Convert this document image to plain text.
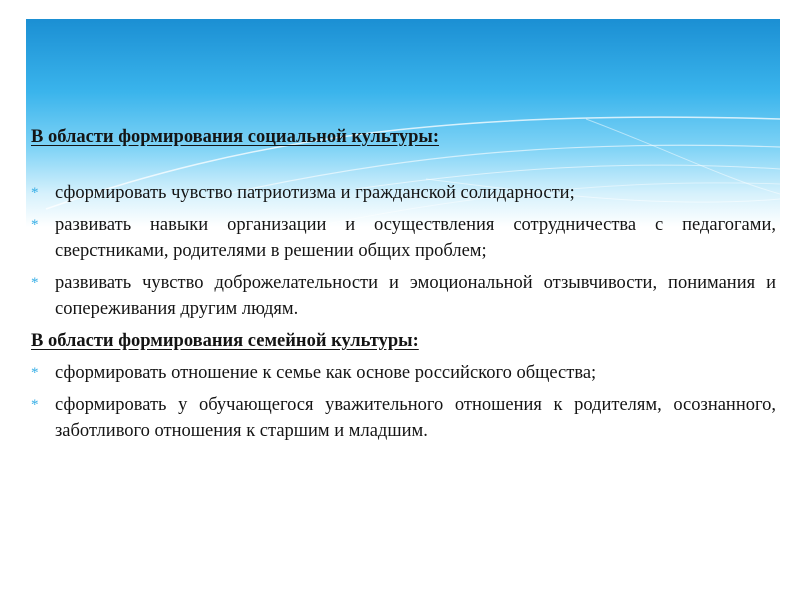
В области формирования социальной культуры:

* сформировать чувство патриотизма и гражданской солидарности;
* развивать навыки организации и осуществления сотрудничества с педагогами, сверстниками, родителями в решении общих проблем;
* развивать чувство доброжелательности и эмоциональной отзывчивости, понимания и сопереживания другим людям.

В области формирования семейной культуры:

* сформировать отношение к семье как основе российского общества;
* сформировать у обучающегося уважительного отношения к родителям, осознанного, заботливого отношения к старшим и младшим.
